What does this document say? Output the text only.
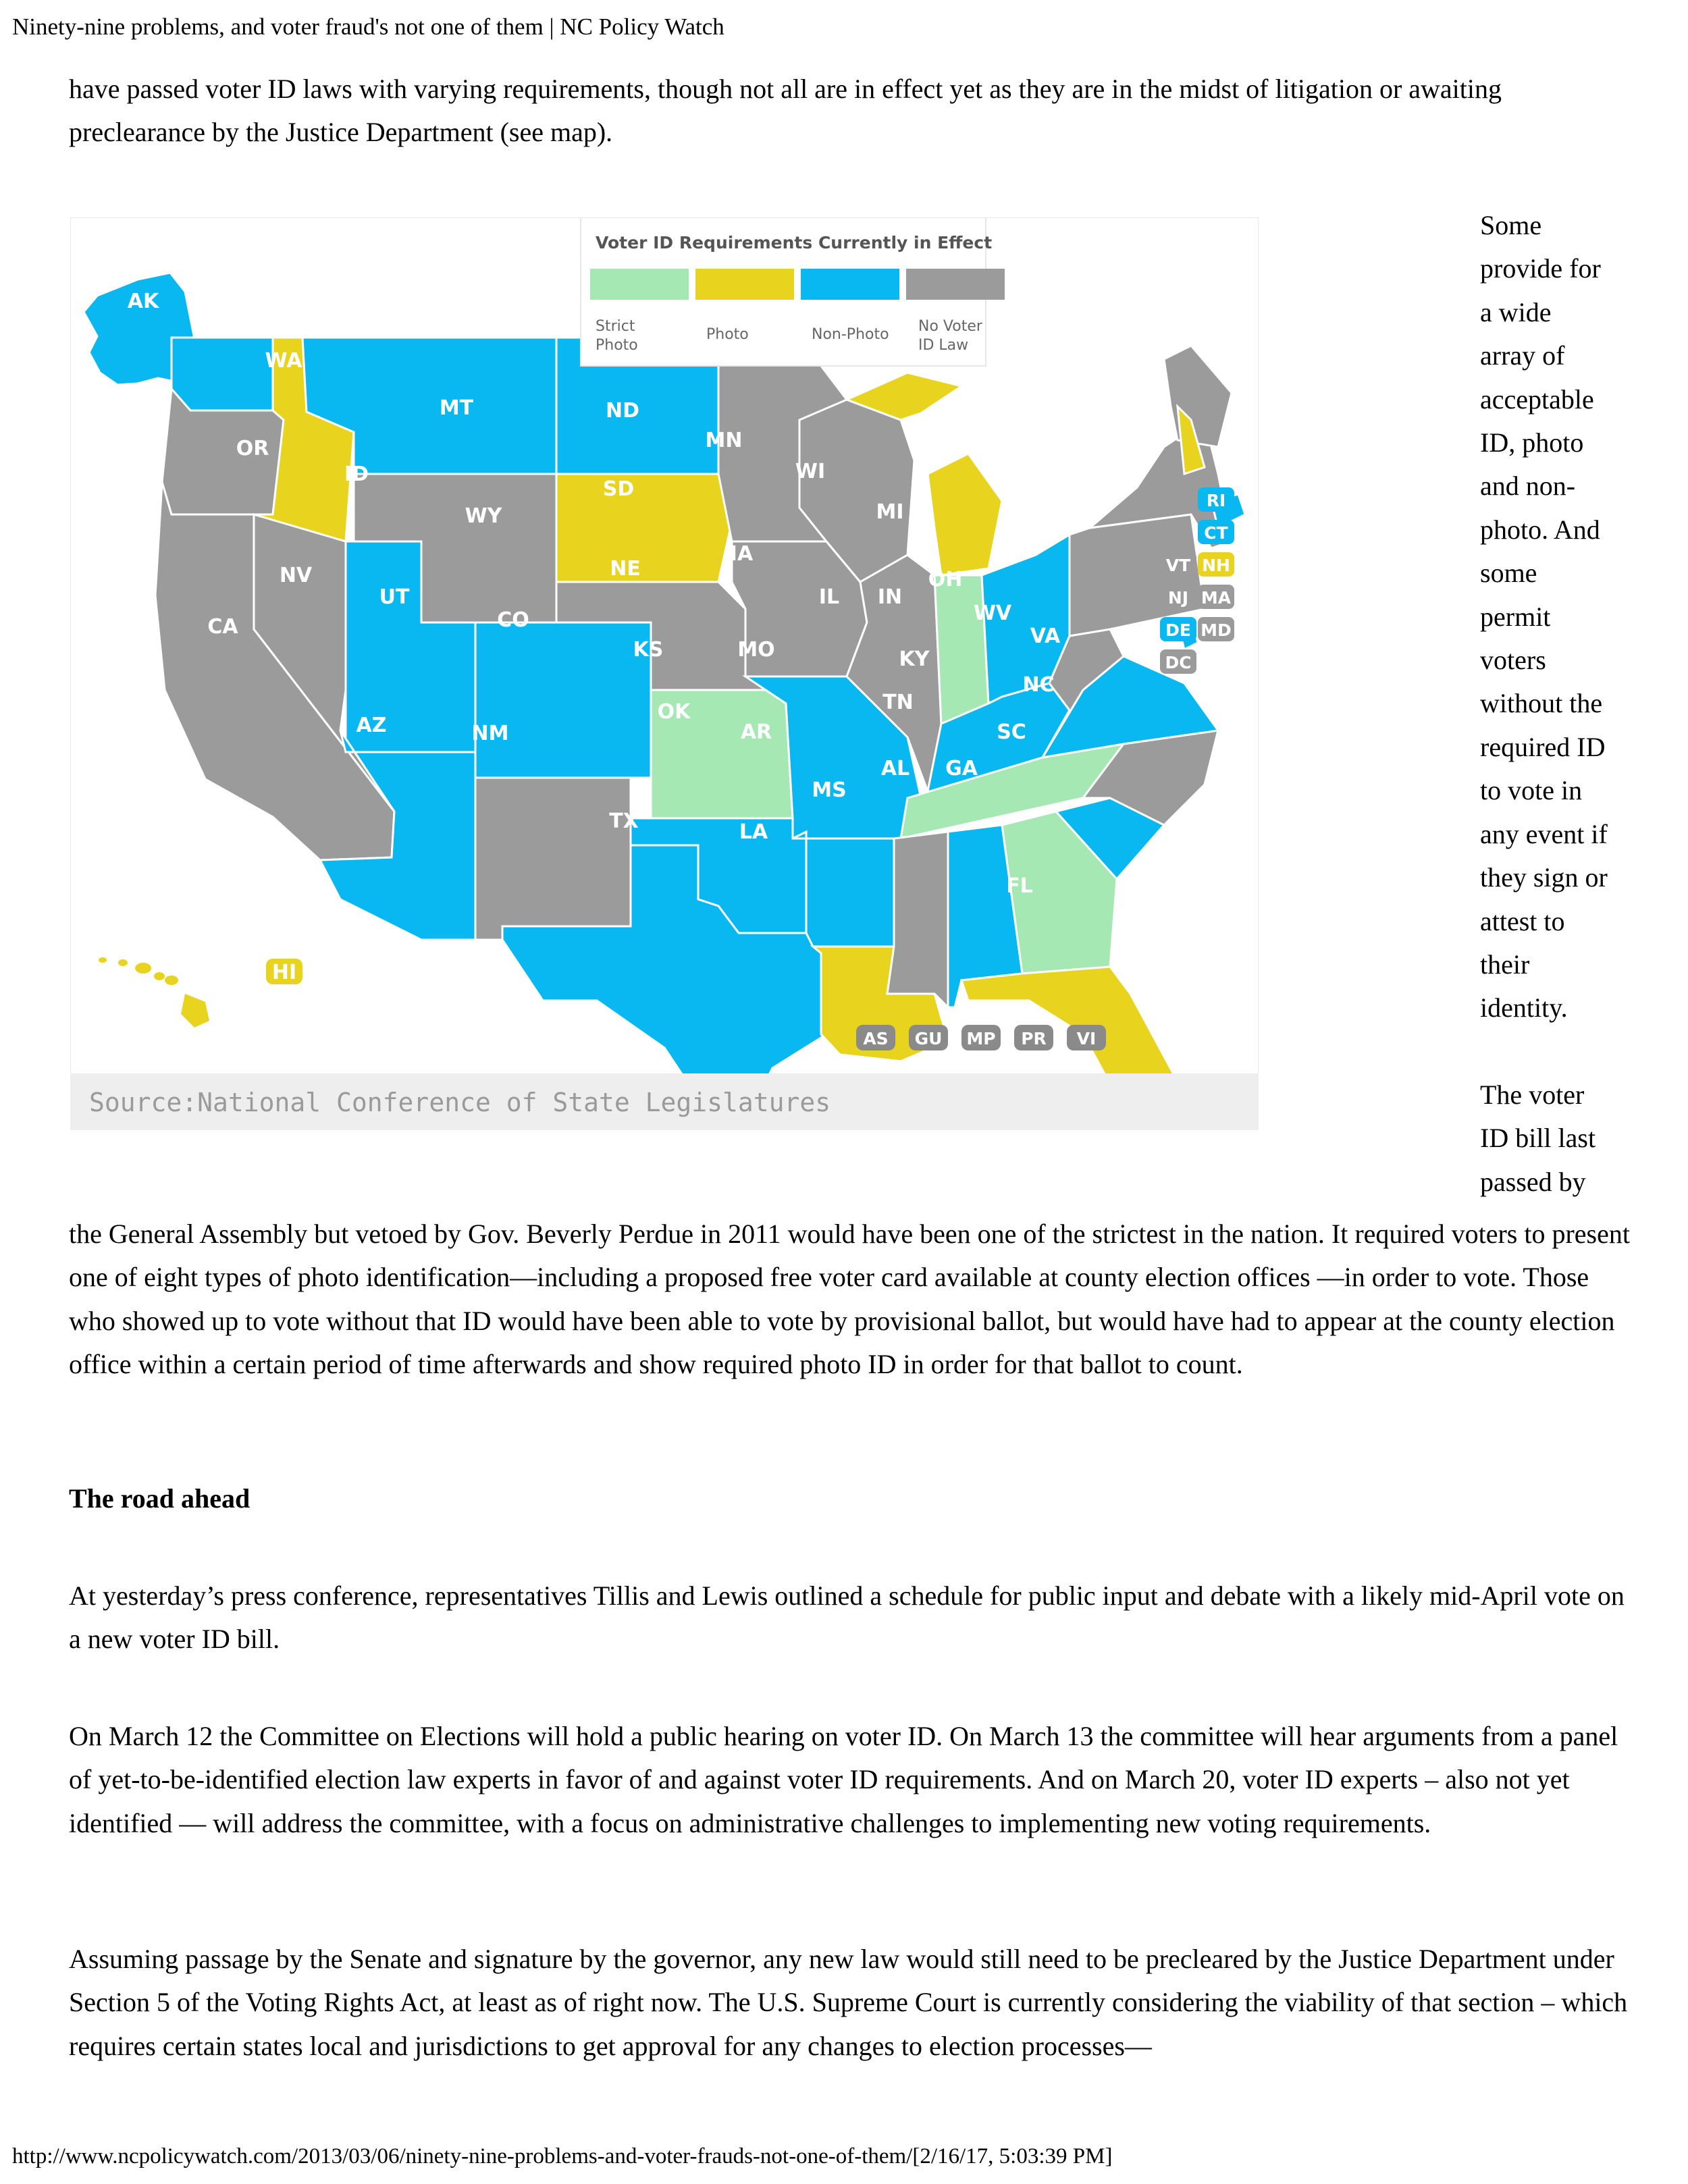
Ninety-nine problems, and voter fraud's not one of them | NC Policy Watch

have passed voter ID laws with varying requirements, though not all are in effect yet as they are in the midst of litigation or awaiting preclearance by the Justice Department (see map).

AK
HI
WA
OR
CA
ID
NV
MT
WY
UT
AZ
CO
NM
ND
SD
NE
KS
OK
TX
MN
IA
MO
AR
LA
WI
IL
MI
IN
OH
KY
TN
MS
AL GA
FL
SC
NC
VA
WV
PA
NY
ME
Voter ID Requirements Currently in Effect
Strict
Photo
Photo	Non-Photo No Voter
ID Law
RI
CT
VT NH
NJ MA
DE MD
DC
AS GU MP PR VI
Source:National Conference of State Legislatures

Some

provide for

a wide

array of

acceptable

ID, photo

and non-

photo. And

some

permit

voters

without the

required ID

to vote in

any event if

they sign or

attest to

their

identity.

The voter

ID bill last

passed by

the General Assembly but vetoed by Gov. Beverly Perdue in 2011 would have been one of the strictest in the nation. It required voters to present one of eight types of photo identification—including a proposed free voter card available at county election offices —in order to vote. Those who showed up to vote without that ID would have been able to vote by provisional ballot, but would have had to appear at the county election office within a certain period of time afterwards and show required photo ID in order for that ballot to count.

The road ahead

At yesterday’s press conference, representatives Tillis and Lewis outlined a schedule for public input and debate with a likely mid-April vote on a new voter ID bill.

On March 12 the Committee on Elections will hold a public hearing on voter ID. On March 13 the committee will hear arguments from a panel of yet-to-be-identified election law experts in favor of and against voter ID requirements. And on March 20, voter ID experts – also not yet identified — will address the committee, with a focus on administrative challenges to implementing new voting requirements.

Assuming passage by the Senate and signature by the governor, any new law would still need to be precleared by the Justice Department under Section 5 of the Voting Rights Act, at least as of right now. The U.S. Supreme Court is currently considering the viability of that section – which requires certain states local and jurisdictions to get approval for any changes to election processes—

http://www.ncpolicywatch.com/2013/03/06/ninety-nine-problems-and-voter-frauds-not-one-of-them/[2/16/17, 5:03:39 PM]
